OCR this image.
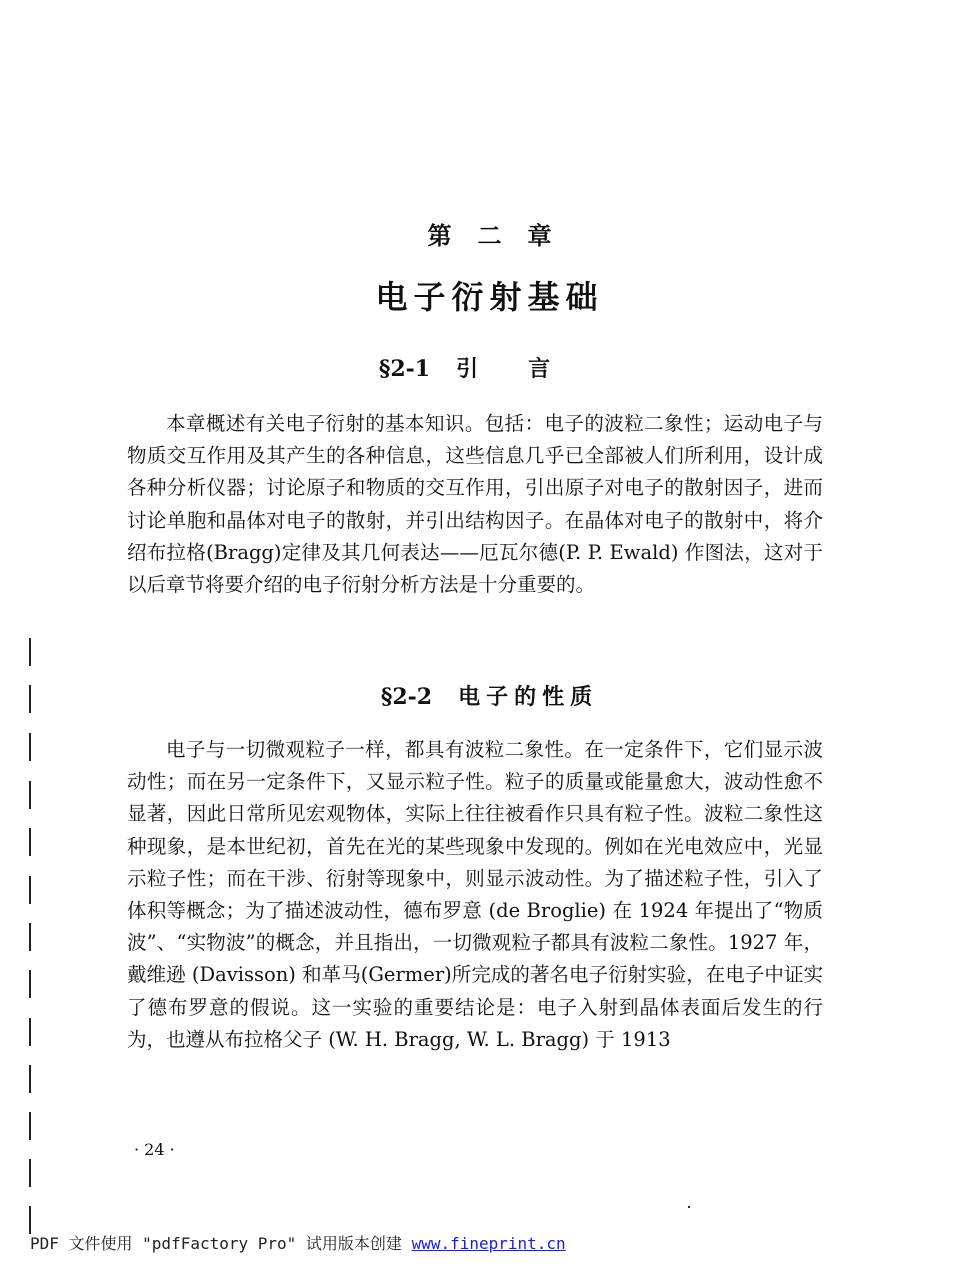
第二章
电子衍射基础
§2-1 引言

本章概述有关电子衍射的基本知识。包括：电子的波粒二象性；运动电子与物质交互作用及其产生的各种信息，这些信息几乎已全部被人们所利用，设计成各种分析仪器；讨论原子和物质的交互作用，引出原子对电子的散射因子，进而讨论单胞和晶体对电子的散射，并引出结构因子。在晶体对电子的散射中，将介绍布拉格(Bragg)定律及其几何表达——厄瓦尔德(P. P. Ewald) 作图法，这对于以后章节将要介绍的电子衍射分析方法是十分重要的。

§2-2 电子的性质

电子与一切微观粒子一样，都具有波粒二象性。在一定条件下，它们显示波动性；而在另一定条件下，又显示粒子性。粒子的质量或能量愈大，波动性愈不显著，因此日常所见宏观物体，实际上往往被看作只具有粒子性。波粒二象性这种现象，是本世纪初，首先在光的某些现象中发现的。例如在光电效应中，光显示粒子性；而在干涉、衍射等现象中，则显示波动性。为了描述粒子性，引入了体积等概念；为了描述波动性，德布罗意 (de Broglie) 在 1924 年提出了“物质波”、“实物波”的概念，并且指出，一切微观粒子都具有波粒二象性。1927 年，戴维逊 (Davisson) 和革马(Germer)所完成的著名电子衍射实验，在电子中证实了德布罗意的假说。这一实验的重要结论是：电子入射到晶体表面后发生的行为，也遵从布拉格父子 (W. H. Bragg, W. L. Bragg) 于 1913

· 24 ·
PDF 文件使用 "pdfFactory Pro" 试用版本创建 www.fineprint.cn
